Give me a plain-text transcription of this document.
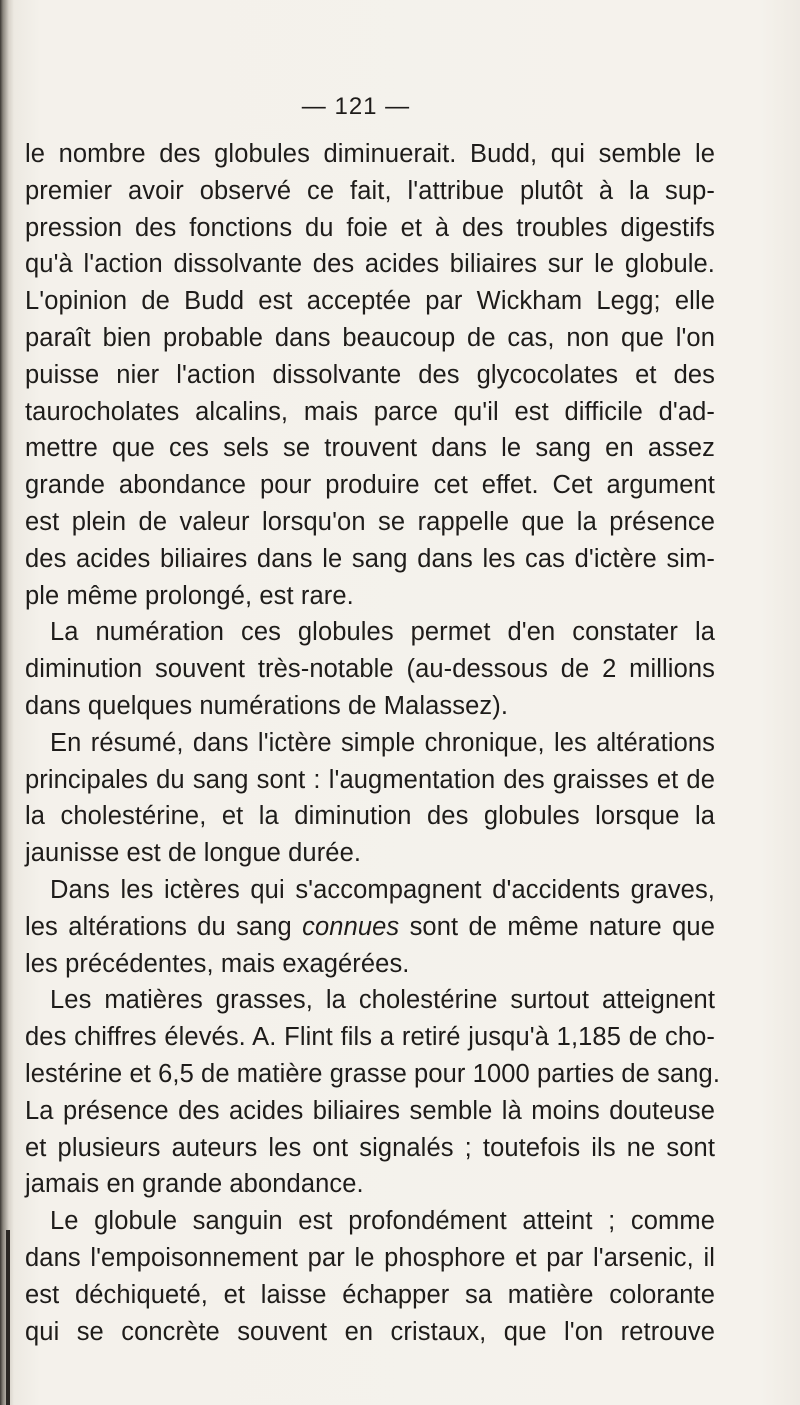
— 121 —
le nombre des globules diminuerait. Budd, qui semble le
premier avoir observé ce fait, l'attribue plutôt à la sup-
pression des fonctions du foie et à des troubles digestifs
qu'à l'action dissolvante des acides biliaires sur le globule.
L'opinion de Budd est acceptée par Wickham Legg; elle
paraît bien probable dans beaucoup de cas, non que l'on
puisse nier l'action dissolvante des glycocolates et des
taurocholates alcalins, mais parce qu'il est difficile d'ad-
mettre que ces sels se trouvent dans le sang en assez
grande abondance pour produire cet effet. Cet argument
est plein de valeur lorsqu'on se rappelle que la présence
des acides biliaires dans le sang dans les cas d'ictère sim-
ple même prolongé, est rare.
La numération ces globules permet d'en constater la
diminution souvent très-notable (au-dessous de 2 millions
dans quelques numérations de Malassez).
En résumé, dans l'ictère simple chronique, les altérations
principales du sang sont : l'augmentation des graisses et de
la cholestérine, et la diminution des globules lorsque la
jaunisse est de longue durée.
Dans les ictères qui s'accompagnent d'accidents graves,
les altérations du sang connues sont de même nature que
les précédentes, mais exagérées.
Les matières grasses, la cholestérine surtout atteignent
des chiffres élevés. A. Flint fils a retiré jusqu'à 1,185 de cho-
lestérine et 6,5 de matière grasse pour 1000 parties de sang.
La présence des acides biliaires semble là moins douteuse
et plusieurs auteurs les ont signalés ; toutefois ils ne sont
jamais en grande abondance.
Le globule sanguin est profondément atteint ; comme
dans l'empoisonnement par le phosphore et par l'arsenic, il
est déchiqueté, et laisse échapper sa matière colorante
qui se concrète souvent en cristaux, que l'on retrouve
